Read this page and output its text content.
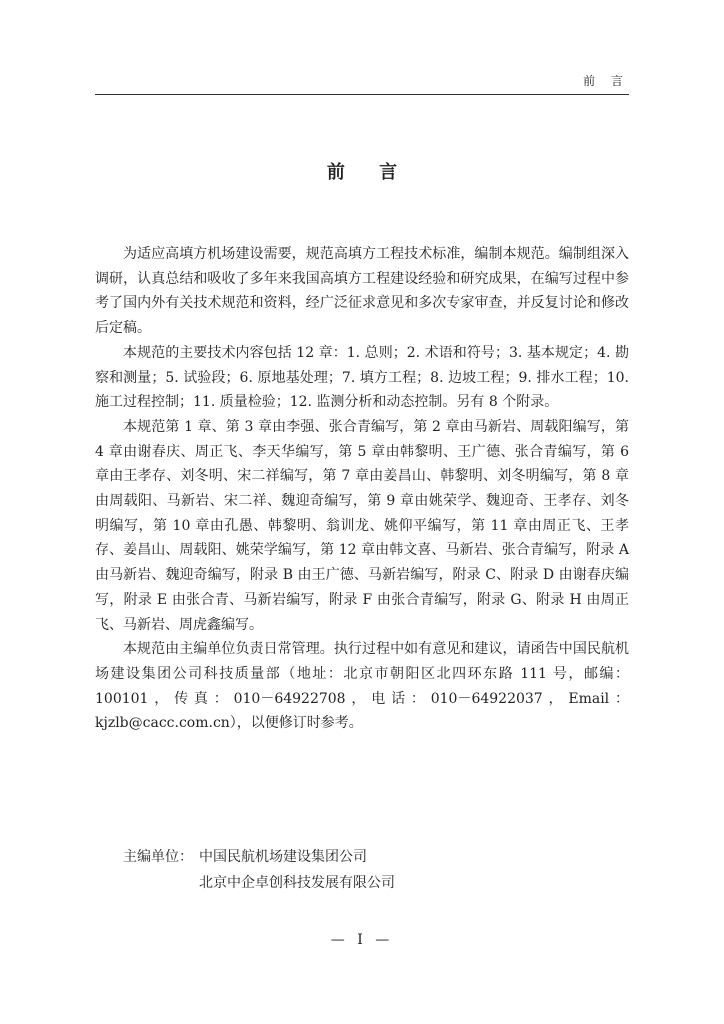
前 言
前 言

为适应高填方机场建设需要，规范高填方工程技术标准，编制本规范。编制组深入调研，认真总结和吸收了多年来我国高填方工程建设经验和研究成果，在编写过程中参考了国内外有关技术规范和资料，经广泛征求意见和多次专家审查，并反复讨论和修改后定稿。

本规范的主要技术内容包括 12 章：1. 总则；2. 术语和符号；3. 基本规定；4. 勘察和测量；5. 试验段；6. 原地基处理；7. 填方工程；8. 边坡工程；9. 排水工程；10. 施工过程控制；11. 质量检验；12. 监测分析和动态控制。另有 8 个附录。

本规范第 1 章、第 3 章由李强、张合青编写，第 2 章由马新岩、周载阳编写，第 4 章由谢春庆、周正飞、李天华编写，第 5 章由韩黎明、王广德、张合青编写，第 6 章由王孝存、刘冬明、宋二祥编写，第 7 章由姜昌山、韩黎明、刘冬明编写，第 8 章由周载阳、马新岩、宋二祥、魏迎奇编写，第 9 章由姚荣学、魏迎奇、王孝存、刘冬明编写，第 10 章由孔愚、韩黎明、翁训龙、姚仰平编写，第 11 章由周正飞、王孝存、姜昌山、周载阳、姚荣学编写，第 12 章由韩文喜、马新岩、张合青编写，附录 A 由马新岩、魏迎奇编写，附录 B 由王广德、马新岩编写，附录 C、附录 D 由谢春庆编写，附录 E 由张合青、马新岩编写，附录 F 由张合青编写，附录 G、附录 H 由周正飞、马新岩、周虎鑫编写。

本规范由主编单位负责日常管理。执行过程中如有意见和建议，请函告中国民航机场建设集团公司科技质量部（地址：北京市朝阳区北四环东路 111 号，邮编：100101，传真：010－64922708，电话：010－64922037，Email：kjzlb@cacc.com.cn），以便修订时参考。

主编单位： 中国民航机场建设集团公司
北京中企卓创科技发展有限公司
— I —
